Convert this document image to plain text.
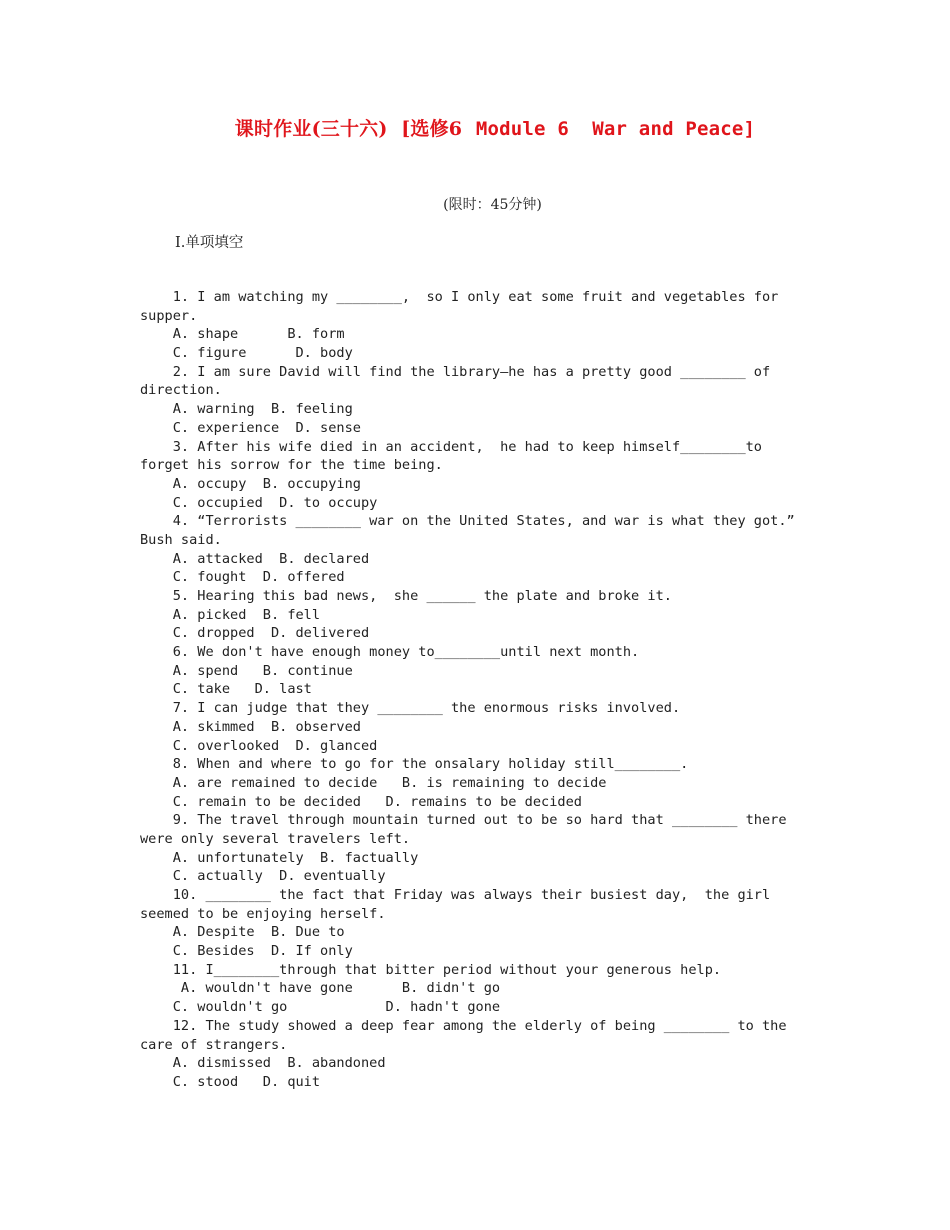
课时作业(三十六)  [选修6  Module 6  War and Peace]
(限时：45分钟)
Ⅰ.单项填空
1. I am watching my ________,  so I only eat some fruit and vegetables for
supper.
A. shape      B. form
C. figure      D. body
2. I am sure David will find the library—he has a pretty good ________ of
direction.
A. warning  B. feeling
C. experience  D. sense
3. After his wife died in an accident,  he had to keep himself________to
forget his sorrow for the time being.
A. occupy  B. occupying
C. occupied  D. to occupy
4. “Terrorists ________ war on the United States, and war is what they got.”
Bush said.
A. attacked  B. declared
C. fought  D. offered
5. Hearing this bad news,  she ______ the plate and broke it.
A. picked  B. fell
C. dropped  D. delivered
6. We don't have enough money to________until next month.
A. spend   B. continue
C. take   D. last
7. I can judge that they ________ the enormous risks involved.
A. skimmed  B. observed
C. overlooked  D. glanced
8. When and where to go for the onsalary holiday still________.
A. are remained to decide   B. is remaining to decide
C. remain to be decided   D. remains to be decided
9. The travel through mountain turned out to be so hard that ________ there
were only several travelers left.
A. unfortunately  B. factually
C. actually  D. eventually
10. ________ the fact that Friday was always their busiest day,  the girl
seemed to be enjoying herself.
A. Despite  B. Due to
C. Besides  D. If only
11. I________through that bitter period without your generous help.
A. wouldn't have gone      B. didn't go
C. wouldn't go            D. hadn't gone
12. The study showed a deep fear among the elderly of being ________ to the
care of strangers.
A. dismissed  B. abandoned
C. stood   D. quit
